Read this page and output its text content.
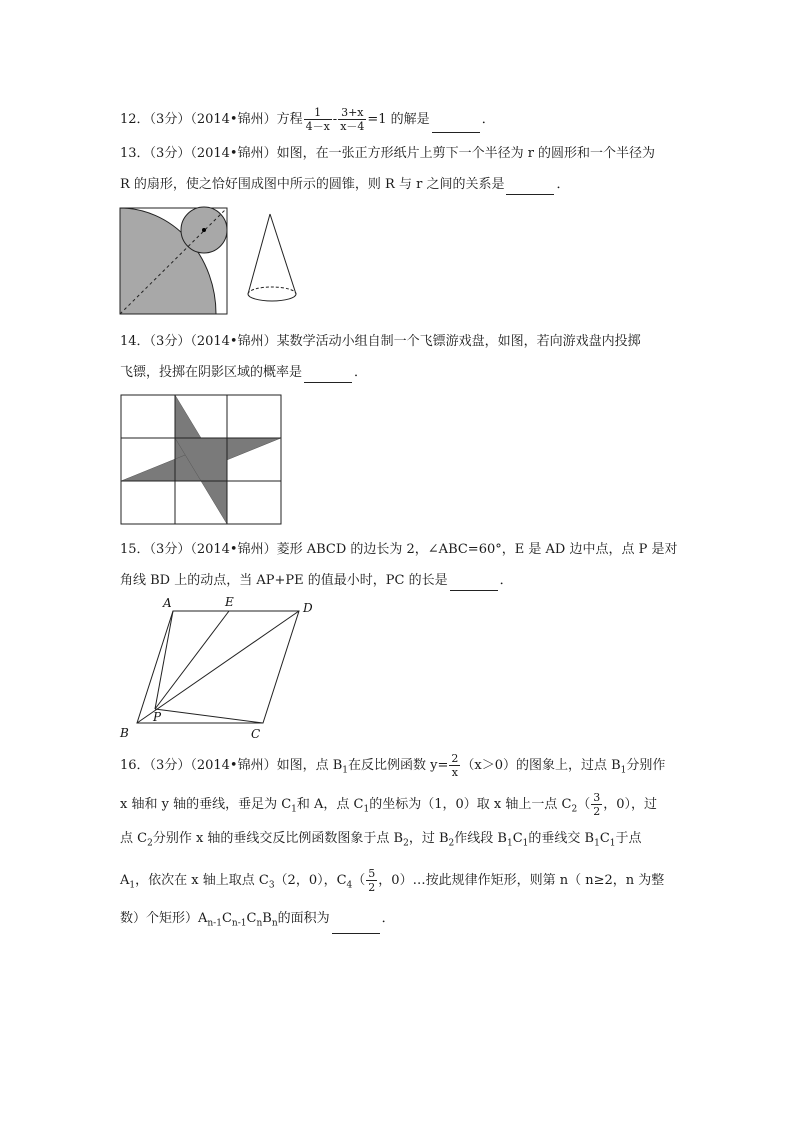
12．（3分）（2014•锦州）方程 $\frac{1}{4-x} - \frac{3+x}{x-4} =1$ 的解是	．
13．（3分）（2014•锦州）如图，在一张正方形纸片上剪下一个半径为 r 的圆形和一个半径为
R 的扇形，使之恰好围成图中所示的圆锥，则 R 与 r 之间的关系是	．
14．（3分）（2014•锦州）某数学活动小组自制一个飞镖游戏盘，如图，若向游戏盘内投掷
飞镖，投掷在阴影区域的概率是	．
15．（3分）（2014•锦州）菱形 ABCD 的边长为 2，∠ABC=60°，E 是 AD 边中点，点 P 是对
角线 BD 上的动点，当 AP+PE 的值最小时，PC 的长是	．
A	E	D
B
P
C
16．（3分）（2014•锦州）如图，点 $B_1$在反比例函数 $y= \frac{2}{x} (x>0)$的图象上，过点 $B_1$分别作
x 轴和 y 轴的垂线，垂足为 $C_1$和 A，点 $C_1$的坐标为（1，0）取 x 轴上一点 $C_2( \frac{3}{2}$ ，0），过
点 $C_2$分别作 x 轴的垂线交反比例函数图象于点 $B_2$，过 $B_2$作线段 $B_1C_1$的垂线交 $B_1C_1$于点
$A_1$，依次在 x 轴上取点 $C_3(2$，0），$C_4( \frac{5}{2}$ ，0）…按此规律作矩形，则第 n（ n≥2，n 为整
数）个矩形）$A_{n-1}C_{n-1}C_nB_n$的面积为	．
